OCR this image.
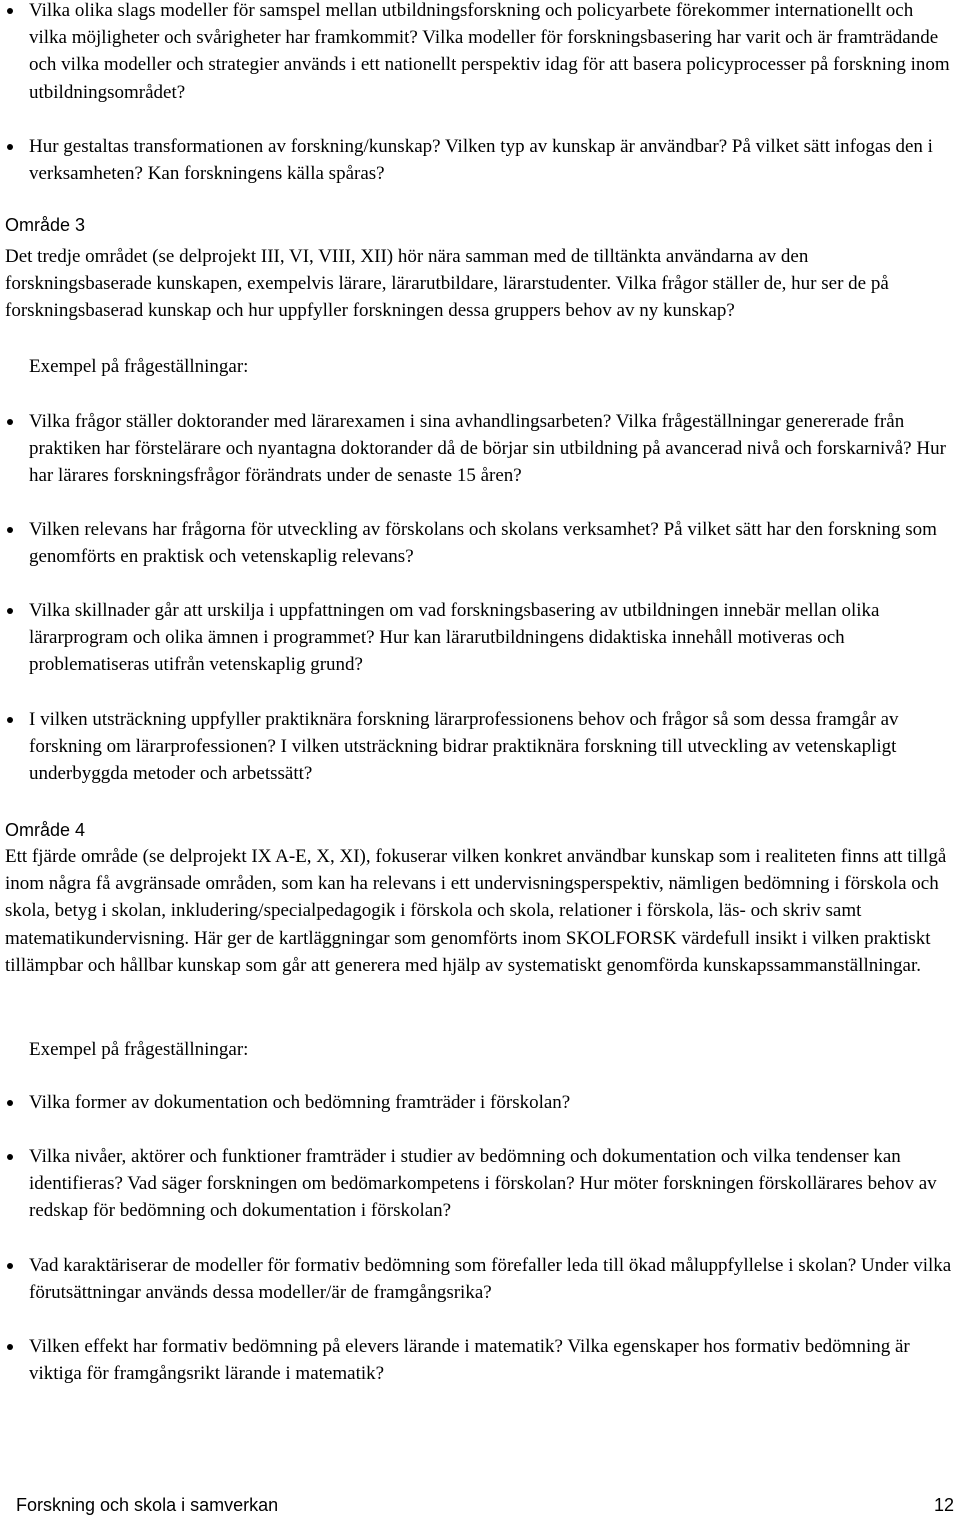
Vilka olika slags modeller för samspel mellan utbildningsforskning och policyarbete förekommer internationellt och vilka möjligheter och svårigheter har framkommit? Vilka modeller för forskningsbasering har varit och är framträdande och vilka modeller och strategier används i ett nationellt perspektiv idag för att basera policyprocesser på forskning inom utbildningsområdet?
Hur gestaltas transformationen av forskning/kunskap? Vilken typ av kunskap är användbar? På vilket sätt infogas den i verksamheten? Kan forskningens källa spåras?
Område 3
Det tredje området (se delprojekt III, VI, VIII, XII) hör nära samman med de tilltänkta användarna av den forskningsbaserade kunskapen, exempelvis lärare, lärarutbildare, lärarstudenter. Vilka frågor ställer de, hur ser de på forskningsbaserad kunskap och hur uppfyller forskningen dessa gruppers behov av ny kunskap?
Exempel på frågeställningar:
Vilka frågor ställer doktorander med lärarexamen i sina avhandlingsarbeten? Vilka frågeställningar genererade från praktiken har förstelärare och nyantagna doktorander då de börjar sin utbildning på avancerad nivå och forskarnivå? Hur har lärares forskningsfrågor förändrats under de senaste 15 åren?
Vilken relevans har frågorna för utveckling av förskolans och skolans verksamhet? På vilket sätt har den forskning som genomförts en praktisk och vetenskaplig relevans?
Vilka skillnader går att urskilja i uppfattningen om vad forskningsbasering av utbildningen innebär mellan olika lärarprogram och olika ämnen i programmet? Hur kan lärarutbildningens didaktiska innehåll motiveras och problematiseras utifrån vetenskaplig grund?
I vilken utsträckning uppfyller praktiknära forskning lärarprofessionens behov och frågor så som dessa framgår av forskning om lärarprofessionen? I vilken utsträckning bidrar praktiknära forskning till utveckling av vetenskapligt underbyggda metoder och arbetssätt?
Område 4
Ett fjärde område (se delprojekt IX A-E, X, XI), fokuserar vilken konkret användbar kunskap som i realiteten finns att tillgå inom några få avgränsade områden, som kan ha relevans i ett undervisningsperspektiv, nämligen bedömning i förskola och skola, betyg i skolan, inkludering/specialpedagogik i förskola och skola, relationer i förskola, läs- och skriv samt matematikundervisning. Här ger de kartläggningar som genomförts inom SKOLFORSK värdefull insikt i vilken praktiskt tillämpbar och hållbar kunskap som går att generera med hjälp av systematiskt genomförda kunskapssammanställningar.
Exempel på frågeställningar:
Vilka former av dokumentation och bedömning framträder i förskolan?
Vilka nivåer, aktörer och funktioner framträder i studier av bedömning och dokumentation och vilka tendenser kan identifieras? Vad säger forskningen om bedömarkompetens i förskolan? Hur möter forskningen förskollärares behov av redskap för bedömning och dokumentation i förskolan?
Vad karaktäriserar de modeller för formativ bedömning som förefaller leda till ökad måluppfyllelse i skolan? Under vilka förutsättningar används dessa modeller/är de framgångsrika?
Vilken effekt har formativ bedömning på elevers lärande i matematik? Vilka egenskaper hos formativ bedömning är viktiga för framgångsrikt lärande i matematik?
Forskning och skola i samverkan	12
